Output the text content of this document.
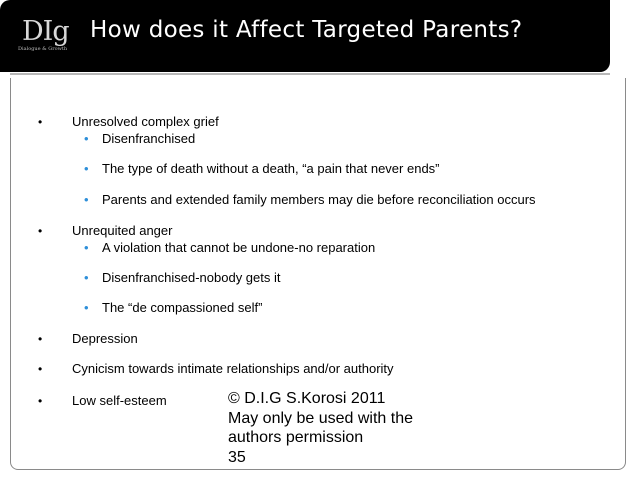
DIg
Dialogue & Growth
How does it Affect Targeted Parents?
• Unresolved complex grief
• Disenfranchised
• The type of death without a death, “a pain that never ends”
• Parents and extended family members may die before reconciliation occurs
• Unrequited anger
• A violation that cannot be undone-no reparation
• Disenfranchised-nobody gets it
• The “de compassioned self”
• Depression
• Cynicism towards intimate relationships and/or authority
• Low self-esteem	© D.I.G S.Korosi 2011
May only be used with the
authors permission
35
